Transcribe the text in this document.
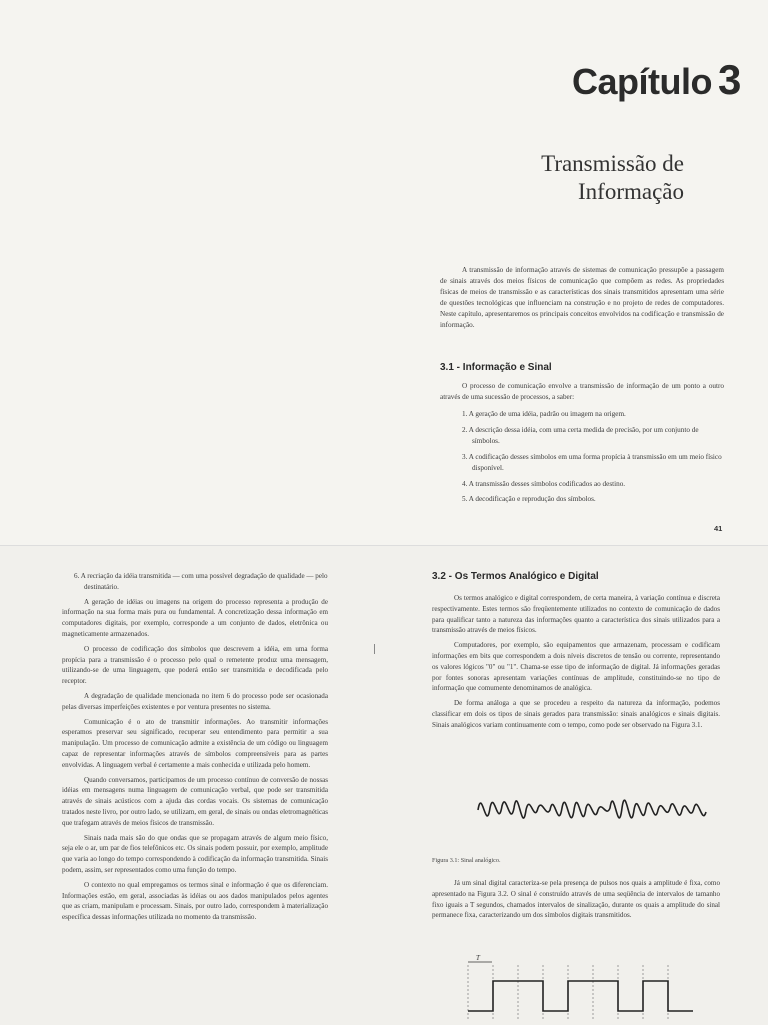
Capítulo 3
Transmissão de
Informação
A transmissão de informação através de sistemas de comunicação pressupõe a passagem de sinais através dos meios físicos de comunicação que compõem as redes. As propriedades físicas de meios de transmissão e as características dos sinais transmitidos apresentam uma série de questões tecnológicas que influenciam na construção e no projeto de redes de computadores. Neste capítulo, apresentaremos os principais conceitos envolvidos na codificação e transmissão de informação.
3.1 - Informação e Sinal
O processo de comunicação envolve a transmissão de informação de um ponto a outro através de uma sucessão de processos, a saber:
1. A geração de uma idéia, padrão ou imagem na origem.
2. A descrição dessa idéia, com uma certa medida de precisão, por um conjunto de símbolos.
3. A codificação desses símbolos em uma forma propícia à transmissão em um meio físico disponível.
4. A transmissão desses símbolos codificados ao destino.
5. A decodificação e reprodução dos símbolos.
41

6. A recriação da idéia transmitida — com uma possível degradação de qualidade — pelo destinatário.

A geração de idéias ou imagens na origem do processo representa a produção de informação na sua forma mais pura ou fundamental. A concretização dessa informação em computadores digitais, por exemplo, corresponde a um conjunto de dados, eletrônica ou magneticamente armazenados.

O processo de codificação dos símbolos que descrevem a idéia, em uma forma propícia para a transmissão é o processo pelo qual o remetente produz uma mensagem, utilizando-se de uma linguagem, que poderá então ser transmitida e decodificada pelo receptor.

A degradação de qualidade mencionada no item 6 do processo pode ser ocasionada pelas diversas imperfeições existentes e por ventura presentes no sistema.

Comunicação é o ato de transmitir informações. Ao transmitir informações esperamos preservar seu significado, recuperar seu entendimento para permitir a sua manipulação. Um processo de comunicação admite a existência de um código ou linguagem capaz de representar informações através de símbolos compreensíveis para as partes envolvidas. A linguagem verbal é certamente a mais conhecida e utilizada pelo homem.

Quando conversamos, participamos de um processo contínuo de conversão de nossas idéias em mensagens numa linguagem de comunicação verbal, que pode ser transmitida através de sinais acústicos com a ajuda das cordas vocais. Os sistemas de comunicação tratados neste livro, por outro lado, se utilizam, em geral, de sinais ou ondas eletromagnéticas que trafegam através de meios físicos de transmissão.

Sinais nada mais são do que ondas que se propagam através de algum meio físico, seja ele o ar, um par de fios telefônicos etc. Os sinais podem possuir, por exemplo, amplitude que varia ao longo do tempo correspondendo à codificação da informação transmitida. Sinais podem, assim, ser representados como uma função do tempo.

O contexto no qual empregamos os termos sinal e informação é que os diferenciam. Informações estão, em geral, associadas às idéias ou aos dados manipulados pelos agentes que as criam, manipulam e processam. Sinais, por outro lado, correspondem à materialização específica dessas informações utilizada no momento da transmissão.

3.2 - Os Termos Analógico e Digital

Os termos analógico e digital correspondem, de certa maneira, à variação contínua e discreta respectivamente. Estes termos são freqüentemente utilizados no contexto de comunicação de dados para qualificar tanto a natureza das informações quanto a característica dos sinais utilizados para a transmissão através de meios físicos.

Computadores, por exemplo, são equipamentos que armazenam, processam e codificam informações em bits que correspondem a dois níveis discretos de tensão ou corrente, representando os valores lógicos "0" ou "1". Chama-se esse tipo de informação de digital. Já informações geradas por fontes sonoras apresentam variações contínuas de amplitude, constituindo-se no tipo de informação que comumente denominamos de analógica.

De forma análoga a que se procedeu a respeito da natureza da informação, podemos classificar em dois os tipos de sinais gerados para transmissão: sinais analógicos e sinais digitais. Sinais analógicos variam continuamente com o tempo, como pode ser observado na Figura 3.1.

Figura 3.1: Sinal analógico.

Já um sinal digital caracteriza-se pela presença de pulsos nos quais a amplitude é fixa, como apresentado na Figura 3.2. O sinal é construído através de uma seqüência de intervalos de tamanho fixo iguais a T segundos, chamados intervalos de sinalização, durante os quais a amplitude do sinal permanece fixa, caracterizando um dos símbolos digitais transmitidos.

T
